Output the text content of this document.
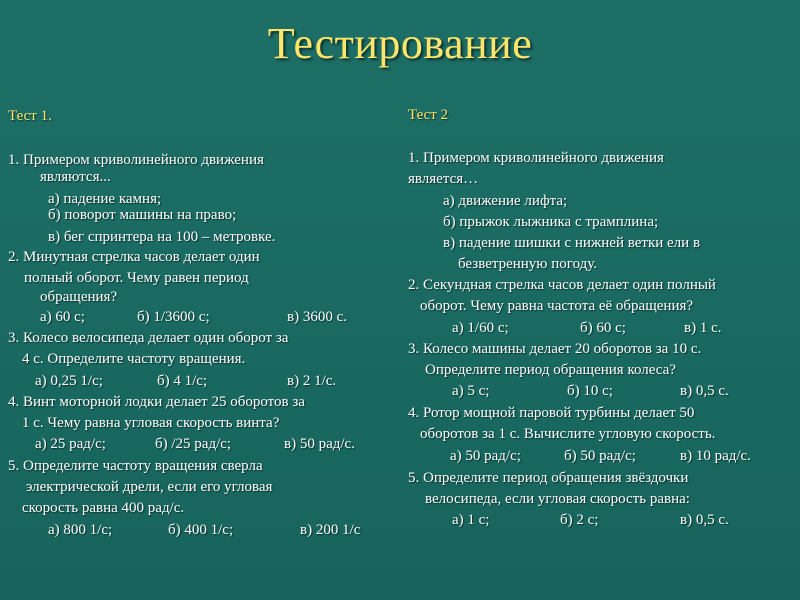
Тестирование
Тест 1.
1. Примером криволинейного движения
являются...
а) падение камня;
б) поворот машины на право;
в) бег спринтера на 100 – метровке.
2. Минутная стрелка часов делает один
полный оборот. Чему равен период
обращения?
а) 60 с;	б) 1/3600 с;	в) 3600 с.
3. Колесо велосипеда делает один оборот за
4 с. Определите частоту вращения.
а) 0,25 1/с;	б) 4 1/с;	в) 2 1/с.
4. Винт моторной лодки делает 25 оборотов за
1 с. Чему равна угловая скорость винта?
а) 25 рад/с;	б) /25 рад/с;	в) 50 рад/с.
5. Определите частоту вращения сверла
электрической дрели, если его угловая
скорость равна 400 рад/с.
а) 800 1/с;	б) 400 1/с;	в) 200 1/с
Тест 2
1. Примером криволинейного движения
является…
а) движение лифта;
б) прыжок лыжника с трамплина;
в) падение шишки с нижней ветки ели в
безветренную погоду.
2. Секундная стрелка часов делает один полный
оборот. Чему равна частота её обращения?
а) 1/60 с;	б) 60 с;	в) 1 с.
3. Колесо машины делает 20 оборотов за 10 с.
Определите период обращения колеса?
а) 5 с;	б) 10 с;	в) 0,5 с.
4. Ротор мощной паровой турбины делает 50
оборотов за 1 с. Вычислите угловую скорость.
а) 50 рад/с;	б) 50 рад/с;	в) 10 рад/с.
5. Определите период обращения звёздочки
велосипеда, если угловая скорость равна:
а) 1 с;	б) 2 с;	в) 0,5 с.
